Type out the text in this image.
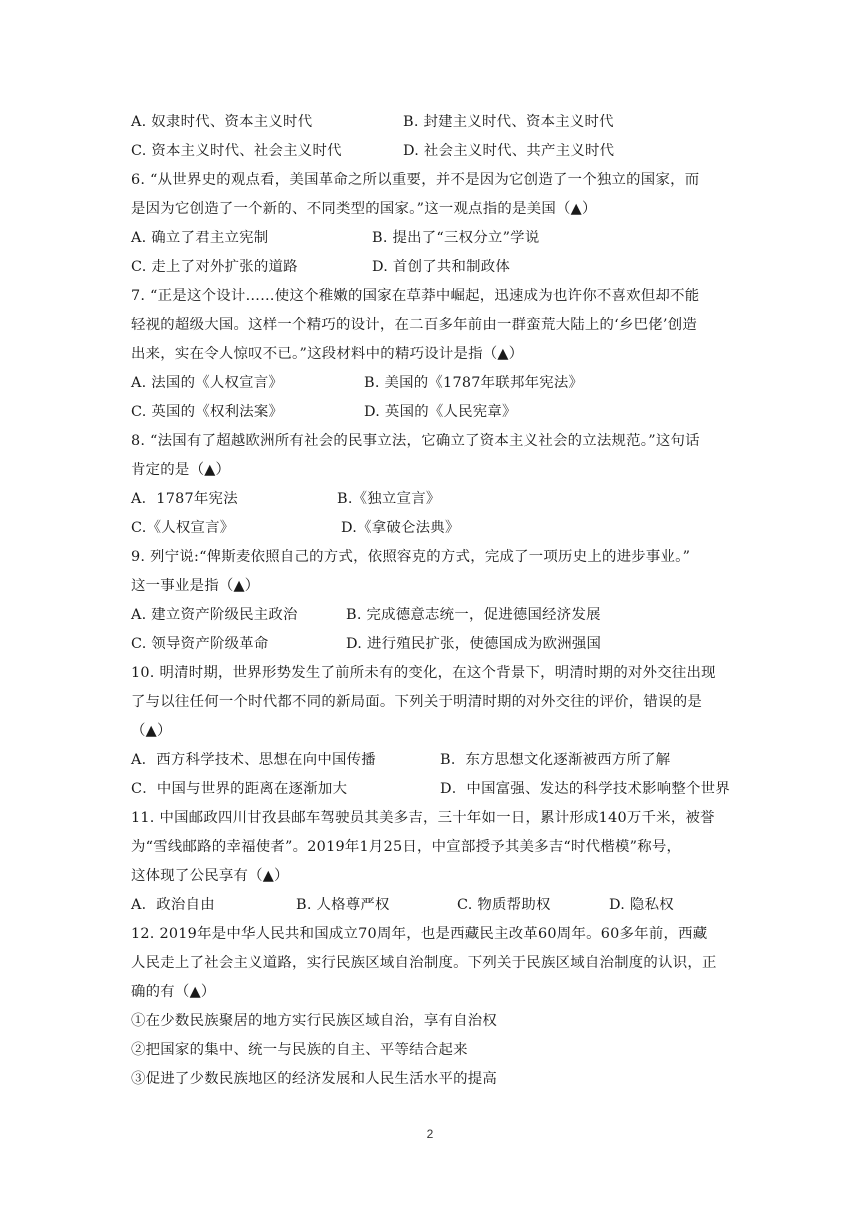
A. 奴隶时代、资本主义时代	B. 封建主义时代、资本主义时代
C. 资本主义时代、社会主义时代	D. 社会主义时代、共产主义时代
6. “从世界史的观点看，美国革命之所以重要，并不是因为它创造了一个独立的国家，而
是因为它创造了一个新的、不同类型的国家。”这一观点指的是美国（▲）
A. 确立了君主立宪制	B. 提出了“三权分立”学说
C. 走上了对外扩张的道路	D. 首创了共和制政体
7. “正是这个设计……使这个稚嫩的国家在草莽中崛起，迅速成为也许你不喜欢但却不能
轻视的超级大国。这样一个精巧的设计，在二百多年前由一群蛮荒大陆上的‘乡巴佬’创造
出来，实在令人惊叹不已。”这段材料中的精巧设计是指（▲）
A. 法国的《人权宣言》	B. 美国的《1787年联邦年宪法》
C. 英国的《权利法案》	D. 英国的《人民宪章》
8. “法国有了超越欧洲所有社会的民事立法，它确立了资本主义社会的立法规范。”这句话
肯定的是（▲）
A．1787年宪法	B.《独立宣言》
C.《人权宣言》	D.《拿破仑法典》
9. 列宁说:“俾斯麦依照自己的方式，依照容克的方式，完成了一项历史上的进步事业。”
这一事业是指（▲）
A. 建立资产阶级民主政治	B. 完成德意志统一，促进德国经济发展
C. 领导资产阶级革命	D. 进行殖民扩张，使德国成为欧洲强国
10. 明清时期，世界形势发生了前所未有的变化，在这个背景下，明清时期的对外交往出现
了与以往任何一个时代都不同的新局面。下列关于明清时期的对外交往的评价，错误的是
（▲）
A．西方科学技术、思想在向中国传播	B．东方思想文化逐渐被西方所了解
C．中国与世界的距离在逐渐加大	D．中国富强、发达的科学技术影响整个世界
11. 中国邮政四川甘孜县邮车驾驶员其美多吉，三十年如一日，累计形成140万千米，被誉
为“雪线邮路的幸福使者”。2019年1月25日，中宣部授予其美多吉“时代楷模”称号，
这体现了公民享有（▲）
A．政治自由	B. 人格尊严权	C. 物质帮助权	D. 隐私权
12. 2019年是中华人民共和国成立70周年，也是西藏民主改革60周年。60多年前，西藏
人民走上了社会主义道路，实行民族区域自治制度。下列关于民族区域自治制度的认识，正
确的有（▲）
①在少数民族聚居的地方实行民族区域自治，享有自治权
②把国家的集中、统一与民族的自主、平等结合起来
③促进了少数民族地区的经济发展和人民生活水平的提高
2
